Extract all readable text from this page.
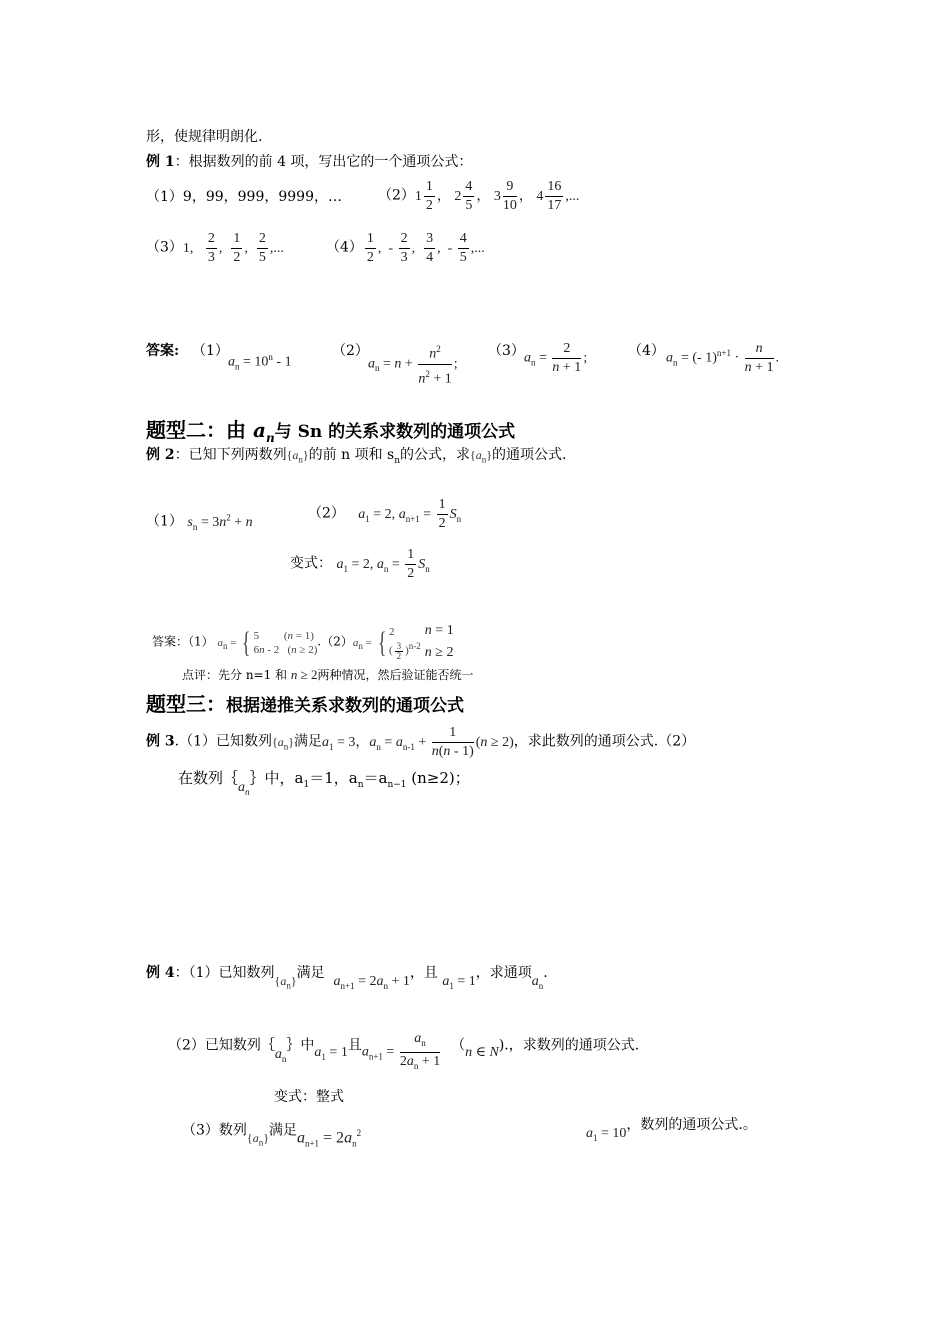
形，使规律明朗化.
例 1：根据数列的前 4 项，写出它的一个通项公式：
（1）9，99，999，9999，…	$(2)1 \frac{1}{2}$ ， $2 \frac{4}{5}$ ， $3 \frac{9}{10}$ ， $4 \frac{16}{17}$ ,...
（3）1, $\frac{2}{3}$ , $\frac{1}{2}$ , $\frac{2}{5}$ ,...	$(4) \frac{1}{2}$ ,  - $\frac{2}{3}$ , $\frac{3}{4}$ ,  - $\frac{4}{5}$ ,...
答案: （1）
$a_n = 10^n - 1$
（2）
$a_n = n + \frac{n^2}{n^2 + 1}$ ;
（3） $a_n = \frac{2}{n + 1}$ ;	（4） $a_n$ = (- $1)^{n+1} \cdot \frac{n}{n + 1}$ .
题型二：由 $a_n$与 Sn 的关系求数列的通项公式
例 2：已知下列两数列$\{a_n\}$的前 n 项和 $s_n$的公式，求$\{a_n\}$的通项公式.
（1） $s_n = 3n^2 + n$
（2） $a_1 = 2$, $a_{n+1} = \frac{1}{2} S_n$
变式： $a_1 = 2$, $a_n = \frac{1}{2} S_n$
答案：（1） $a_n$ = { 5         (n = 1)
6n - 2   $(n \ge 2).(2)a_n$ = { 2
( $\frac{3}{2} )^{n-2}n = 1$
n ≥ 2
点评：先分 n=1 和 n ≥ 2两种情况，然后验证能否统一
题型三：根据递推关系求数列的通项公式
例 3.（1）已知数列$\{a_n\}$满足$a_1 = 3$，$a_n = a_{n-1} + \frac{1}{n(n - 1)} (n \ge 2)$，求此数列的通项公式.（2）
在数列$\{a_n\}$中，$a_1=1$，$a_n=a_{n-1}$ (n≥2)；
例 4：（1）已知数列$\{a_n\}$满足  $a_{n+1} = 2a_n + 1$，且 $a_1 = 1$，求通项$a_n$.
（2）已知数列$\{a_n\}$中$a_1 = 1$且$a_{n+1} = \frac{a_n}{2a_n + 1} (n$ ∈ N).，求数列的通项公式.
变式：整式
（3）数列$\{a_n\}$满足$a_{n+1} = 2a_n^2$	$a_1 = 10$，数列的通项公式.。
